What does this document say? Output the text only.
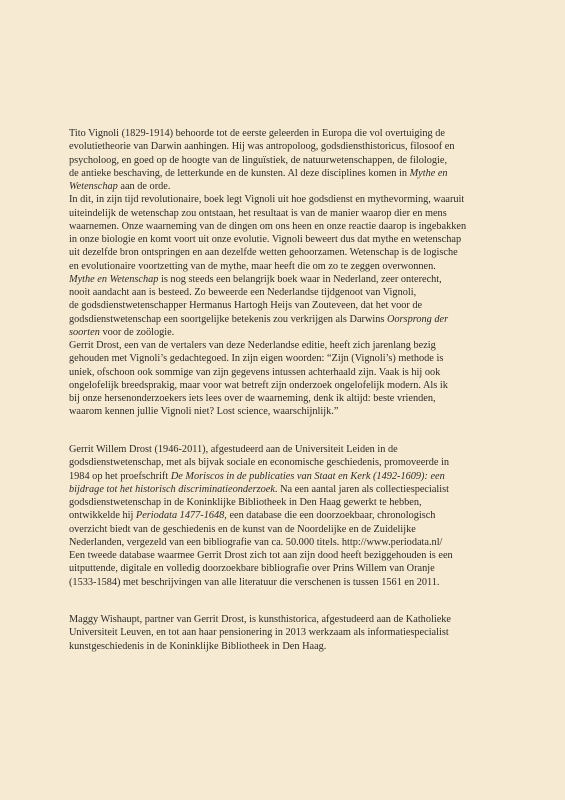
Tito Vignoli (1829-1914) behoorde tot de eerste geleerden in Europa die vol overtuiging de
evolutietheorie van Darwin aanhingen. Hij was antropoloog, godsdiensthistoricus, filosoof en
psycholoog, en goed op de hoogte van de linguïstiek, de natuurwetenschappen, de filologie,
de antieke beschaving, de letterkunde en de kunsten. Al deze disciplines komen in Mythe en
Wetenschap aan de orde.
In dit, in zijn tijd revolutionaire, boek legt Vignoli uit hoe godsdienst en mythevorming, waaruit
uiteindelijk de wetenschap zou ontstaan, het resultaat is van de manier waarop dier en mens
waarnemen. Onze waarneming van de dingen om ons heen en onze reactie daarop is ingebakken
in onze biologie en komt voort uit onze evolutie. Vignoli beweert dus dat mythe en wetenschap
uit dezelfde bron ontspringen en aan dezelfde wetten gehoorzamen. Wetenschap is de logische
en evolutionaire voortzetting van de mythe, maar heeft die om zo te zeggen overwonnen.
Mythe en Wetenschap is nog steeds een belangrijk boek waar in Nederland, zeer onterecht,
nooit aandacht aan is besteed. Zo beweerde een Nederlandse tijdgenoot van Vignoli,
de godsdienstwetenschapper Hermanus Hartogh Heijs van Zouteveen, dat het voor de
godsdienstwetenschap een soortgelijke betekenis zou verkrijgen als Darwins Oorsprong der
soorten voor de zoölogie.
Gerrit Drost, een van de vertalers van deze Nederlandse editie, heeft zich jarenlang bezig
gehouden met Vignoli’s gedachtegoed. In zijn eigen woorden: “Zijn (Vignoli’s) methode is
uniek, ofschoon ook sommige van zijn gegevens intussen achterhaald zijn. Vaak is hij ook
ongelofelijk breedsprakig, maar voor wat betreft zijn onderzoek ongelofelijk modern. Als ik
bij onze hersenonderzoekers iets lees over de waarneming, denk ik altijd: beste vrienden,
waarom kennen jullie Vignoli niet? Lost science, waarschijnlijk.”
Gerrit Willem Drost (1946-2011), afgestudeerd aan de Universiteit Leiden in de
godsdienstwetenschap, met als bijvak sociale en economische geschiedenis, promoveerde in
1984 op het proefschrift De Moriscos in de publicaties van Staat en Kerk (1492-1609): een
bijdrage tot het historisch discriminatieonderzoek. Na een aantal jaren als collectiespecialist
godsdienstwetenschap in de Koninklijke Bibliotheek in Den Haag gewerkt te hebben,
ontwikkelde hij Periodata 1477-1648, een database die een doorzoekbaar, chronologisch
overzicht biedt van de geschiedenis en de kunst van de Noordelijke en de Zuidelijke
Nederlanden, vergezeld van een bibliografie van ca. 50.000 titels. http://www.periodata.nl/
Een tweede database waarmee Gerrit Drost zich tot aan zijn dood heeft beziggehouden is een
uitputtende, digitale en volledig doorzoekbare bibliografie over Prins Willem van Oranje
(1533-1584) met beschrijvingen van alle literatuur die verschenen is tussen 1561 en 2011.
Maggy Wishaupt, partner van Gerrit Drost, is kunsthistorica, afgestudeerd aan de Katholieke
Universiteit Leuven, en tot aan haar pensionering in 2013 werkzaam als informatiespecialist
kunstgeschiedenis in de Koninklijke Bibliotheek in Den Haag.
